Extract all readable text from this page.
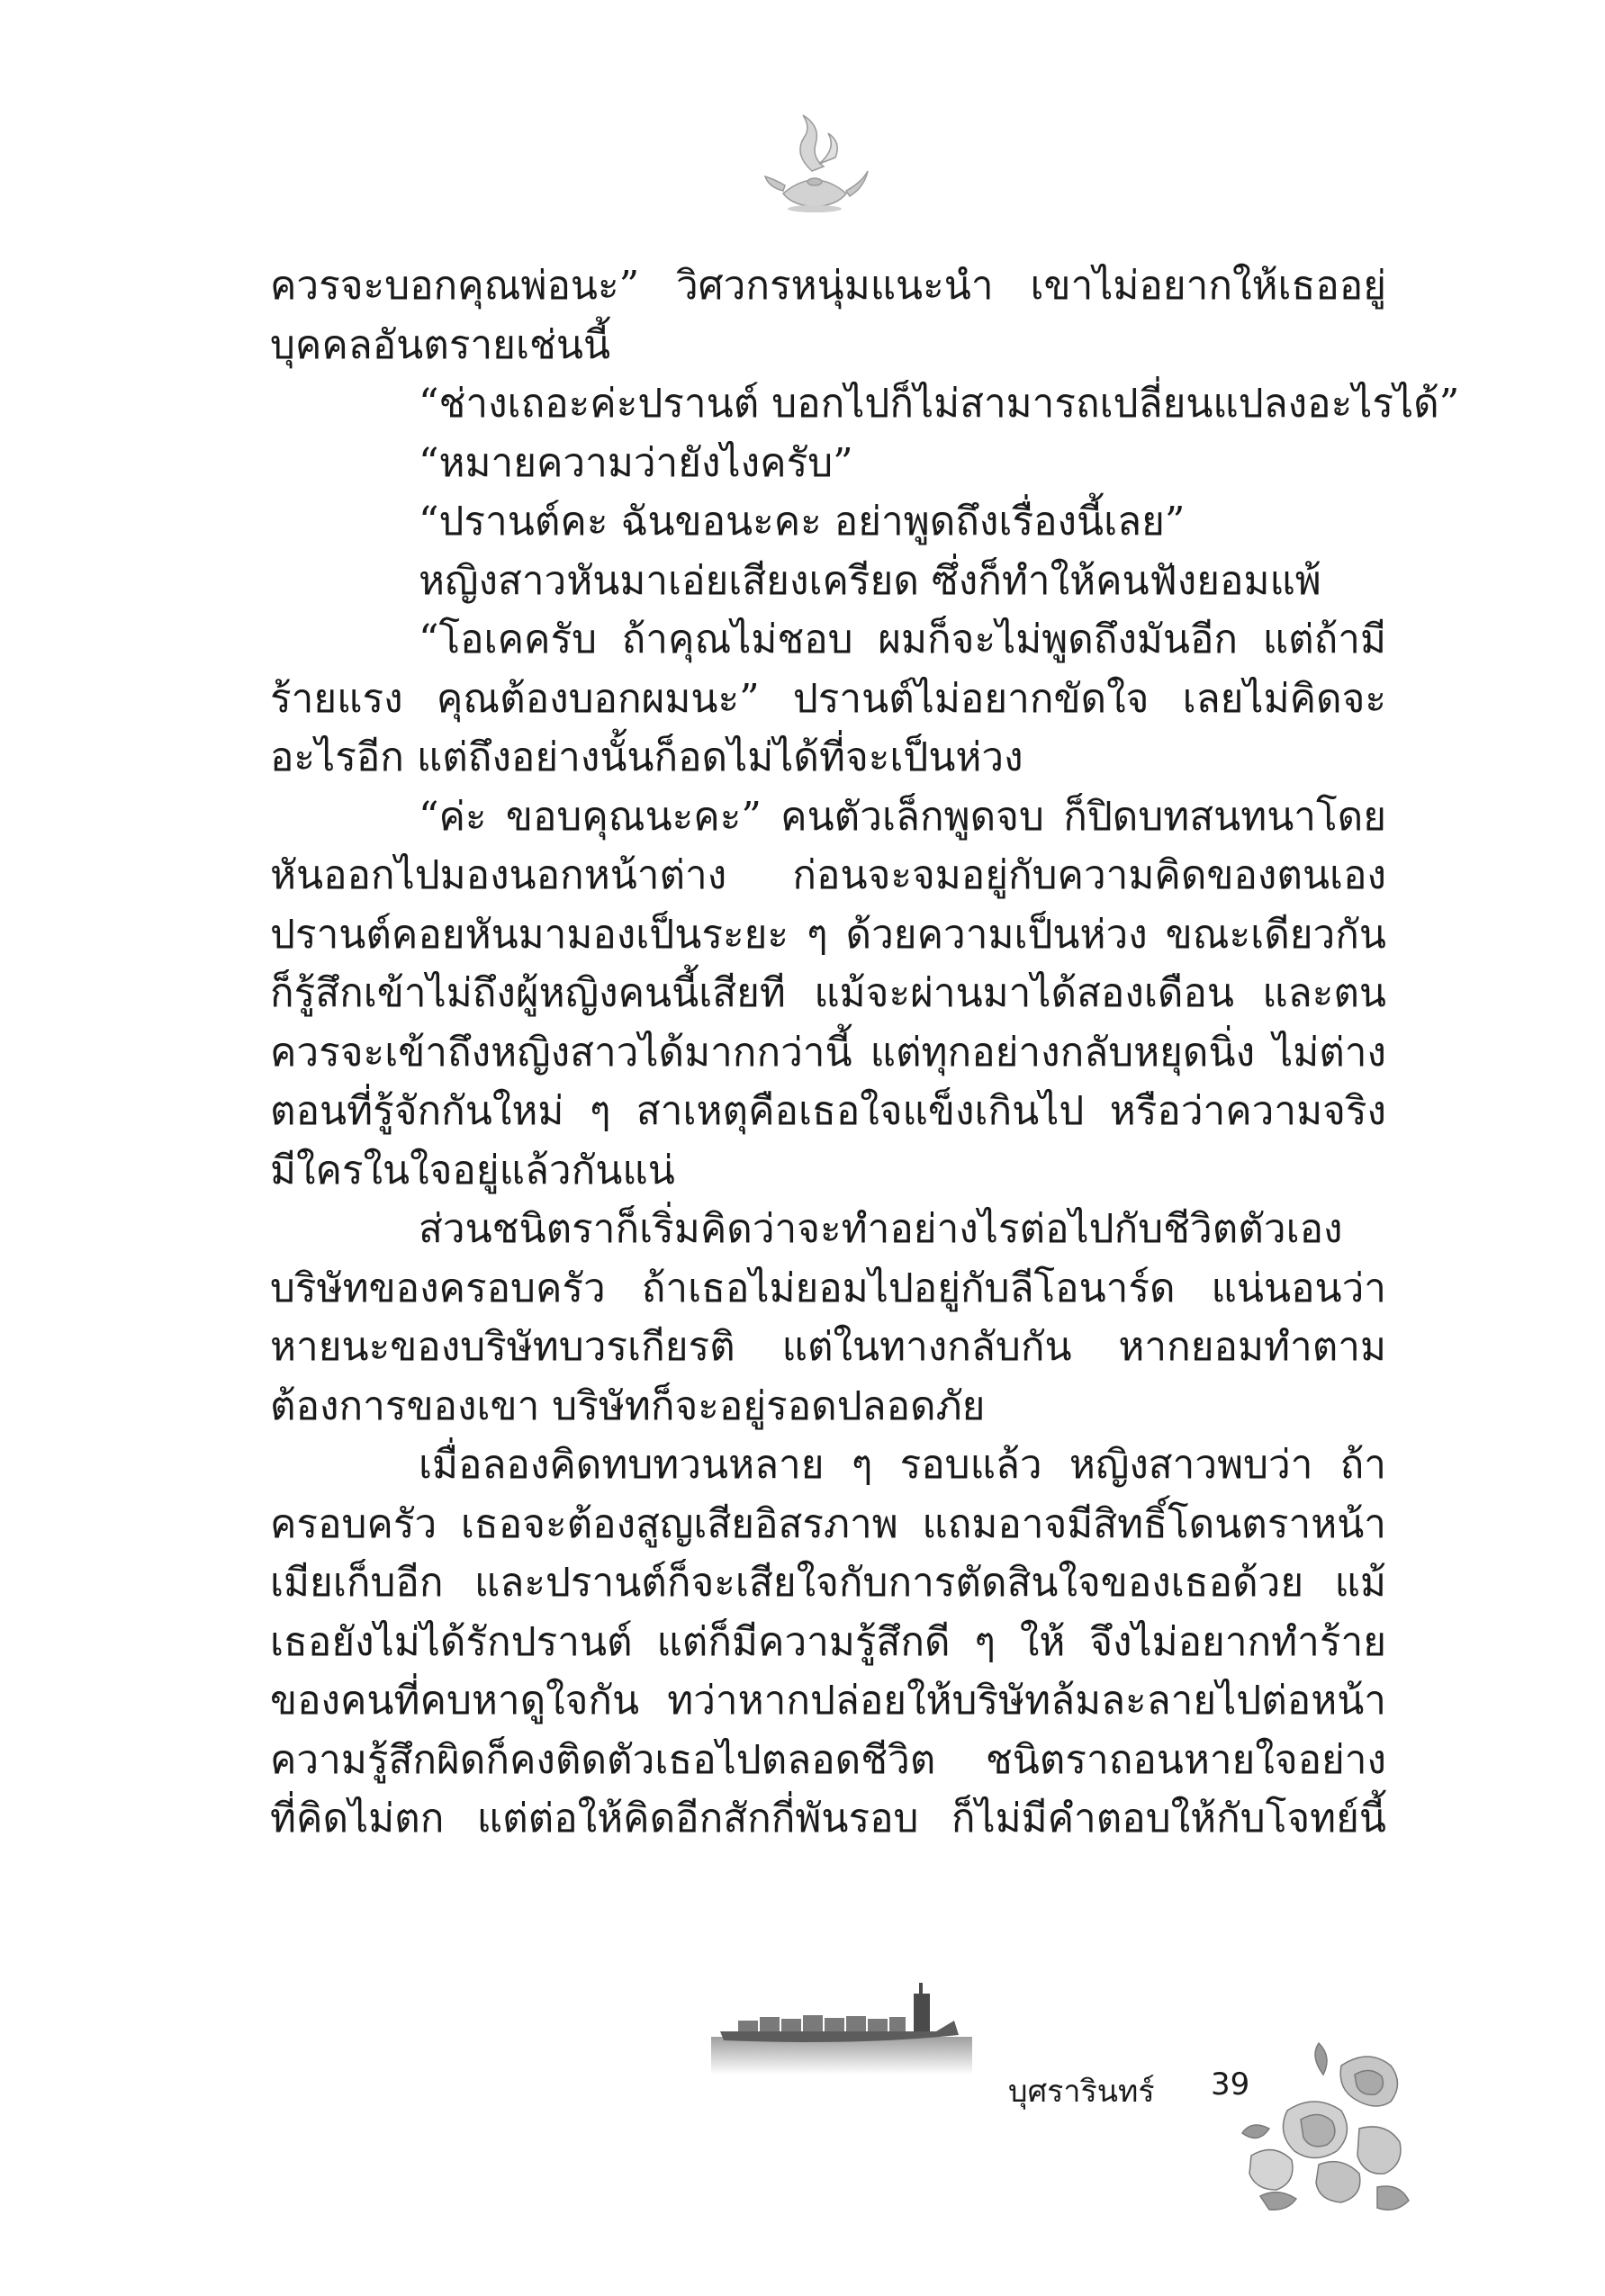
ควรจะบอกคุณพ่อนะ” วิศวกรหนุ่มแนะนำ เขาไม่อยากให้เธออยู่
บุคคลอันตรายเช่นนี้
“ช่างเถอะค่ะปรานต์ บอกไปก็ไม่สามารถเปลี่ยนแปลงอะไรได้”
“หมายความว่ายังไงครับ”
“ปรานต์คะ ฉันขอนะคะ อย่าพูดถึงเรื่องนี้เลย”
หญิงสาวหันมาเอ่ยเสียงเครียด ซึ่งก็ทำให้คนฟังยอมแพ้
“โอเคครับ ถ้าคุณไม่ชอบ ผมก็จะไม่พูดถึงมันอีก แต่ถ้ามี
ร้ายแรง คุณต้องบอกผมนะ” ปรานต์ไม่อยากขัดใจ เลยไม่คิดจะ
อะไรอีก แต่ถึงอย่างนั้นก็อดไม่ได้ที่จะเป็นห่วง
“ค่ะ ขอบคุณนะคะ” คนตัวเล็กพูดจบ ก็ปิดบทสนทนาโดย
หันออกไปมองนอกหน้าต่าง ก่อนจะจมอยู่กับความคิดของตนเอง
ปรานต์คอยหันมามองเป็นระยะ ๆ ด้วยความเป็นห่วง ขณะเดียวกัน
ก็รู้สึกเข้าไม่ถึงผู้หญิงคนนี้เสียที แม้จะผ่านมาได้สองเดือน และตน
ควรจะเข้าถึงหญิงสาวได้มากกว่านี้ แต่ทุกอย่างกลับหยุดนิ่ง ไม่ต่าง
ตอนที่รู้จักกันใหม่ ๆ สาเหตุคือเธอใจแข็งเกินไป หรือว่าความจริง
มีใครในใจอยู่แล้วกันแน่
ส่วนชนิตราก็เริ่มคิดว่าจะทำอย่างไรต่อไปกับชีวิตตัวเอง
บริษัทของครอบครัว ถ้าเธอไม่ยอมไปอยู่กับลีโอนาร์ด แน่นอนว่า
หายนะของบริษัทบวรเกียรติ แต่ในทางกลับกัน หากยอมทำตาม
ต้องการของเขา บริษัทก็จะอยู่รอดปลอดภัย
เมื่อลองคิดทบทวนหลาย ๆ รอบแล้ว หญิงสาวพบว่า ถ้า
ครอบครัว เธอจะต้องสูญเสียอิสรภาพ แถมอาจมีสิทธิ์โดนตราหน้า
เมียเก็บอีก และปรานต์ก็จะเสียใจกับการตัดสินใจของเธอด้วย แม้
เธอยังไม่ได้รักปรานต์ แต่ก็มีความรู้สึกดี ๆ ให้ จึงไม่อยากทำร้าย
ของคนที่คบหาดูใจกัน ทว่าหากปล่อยให้บริษัทล้มละลายไปต่อหน้า
ความรู้สึกผิดก็คงติดตัวเธอไปตลอดชีวิต ชนิตราถอนหายใจอย่าง
ที่คิดไม่ตก แต่ต่อให้คิดอีกสักกี่พันรอบ ก็ไม่มีคำตอบให้กับโจทย์นี้
บุศรารินทร์ 39
